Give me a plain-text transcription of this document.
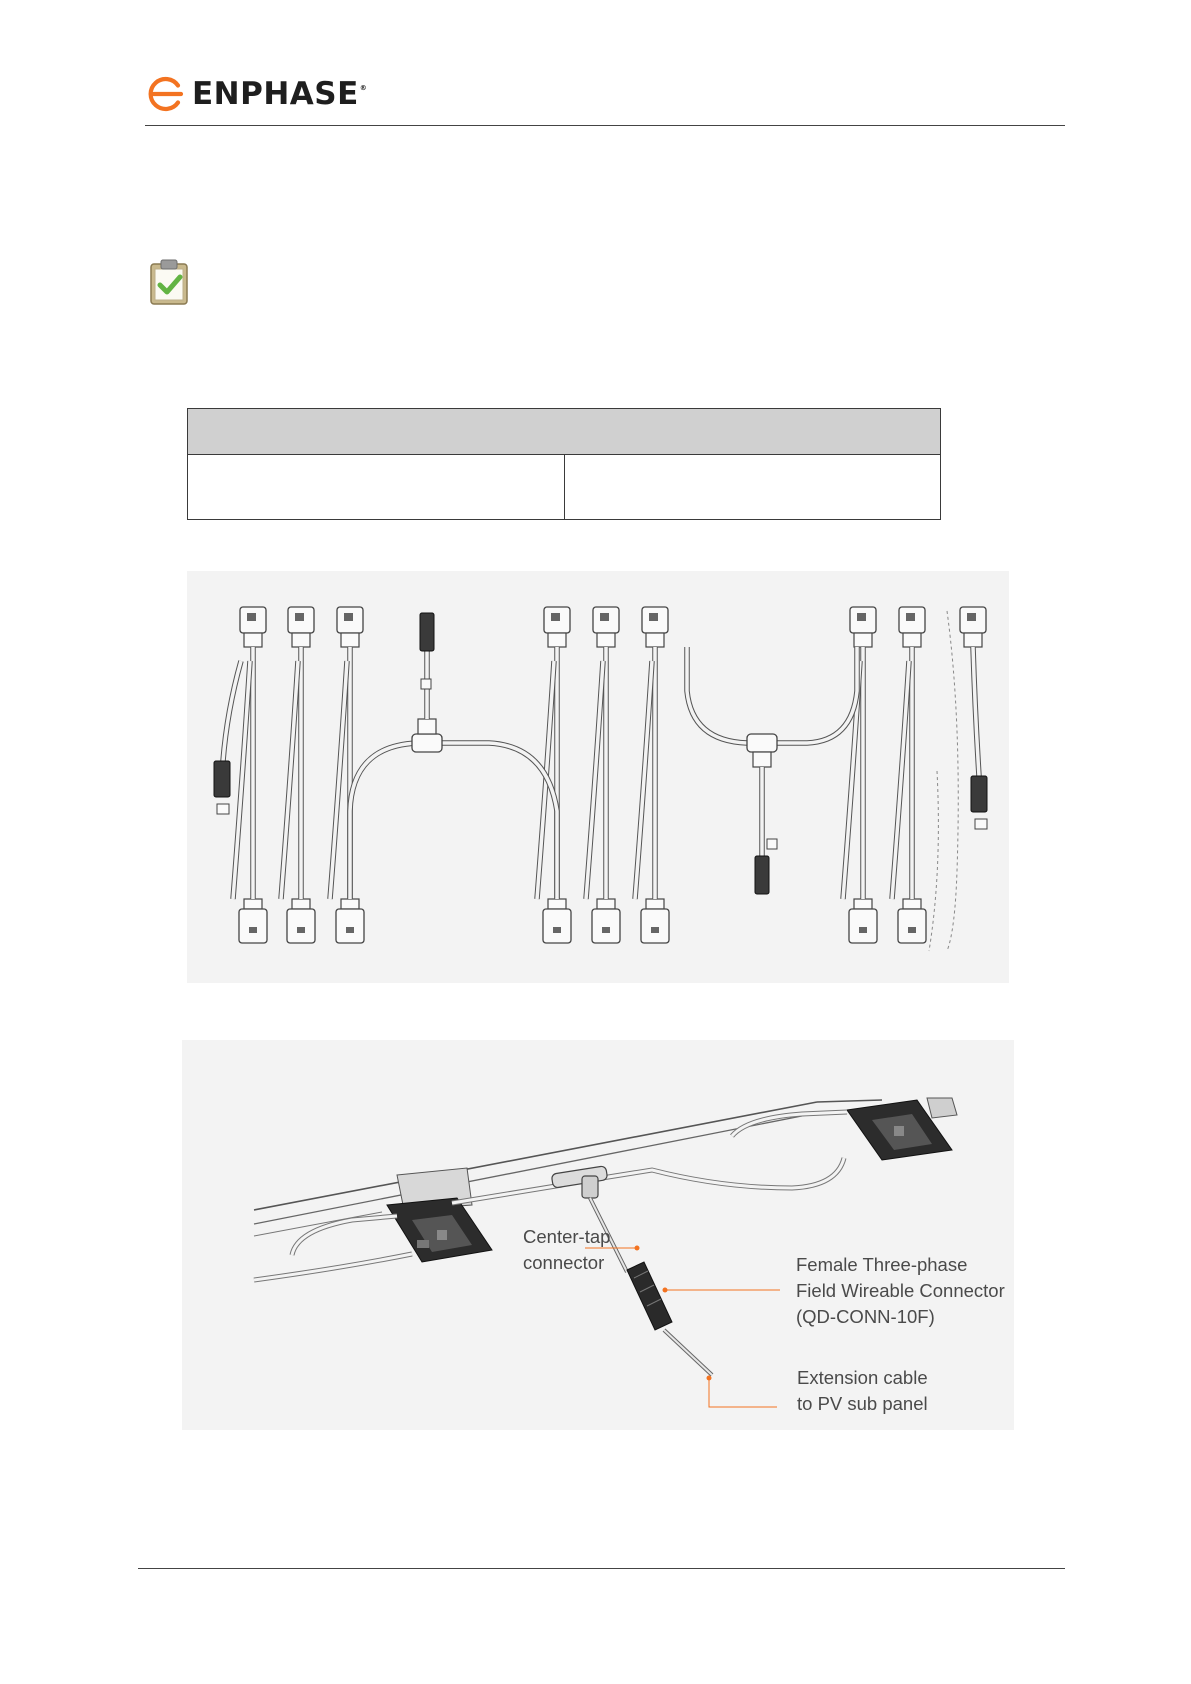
ENPHASE®

Center-tap
connector	Female Three-phase
Field Wireable Connector
(QD-CONN-10F)
Extension cable
to PV sub panel
